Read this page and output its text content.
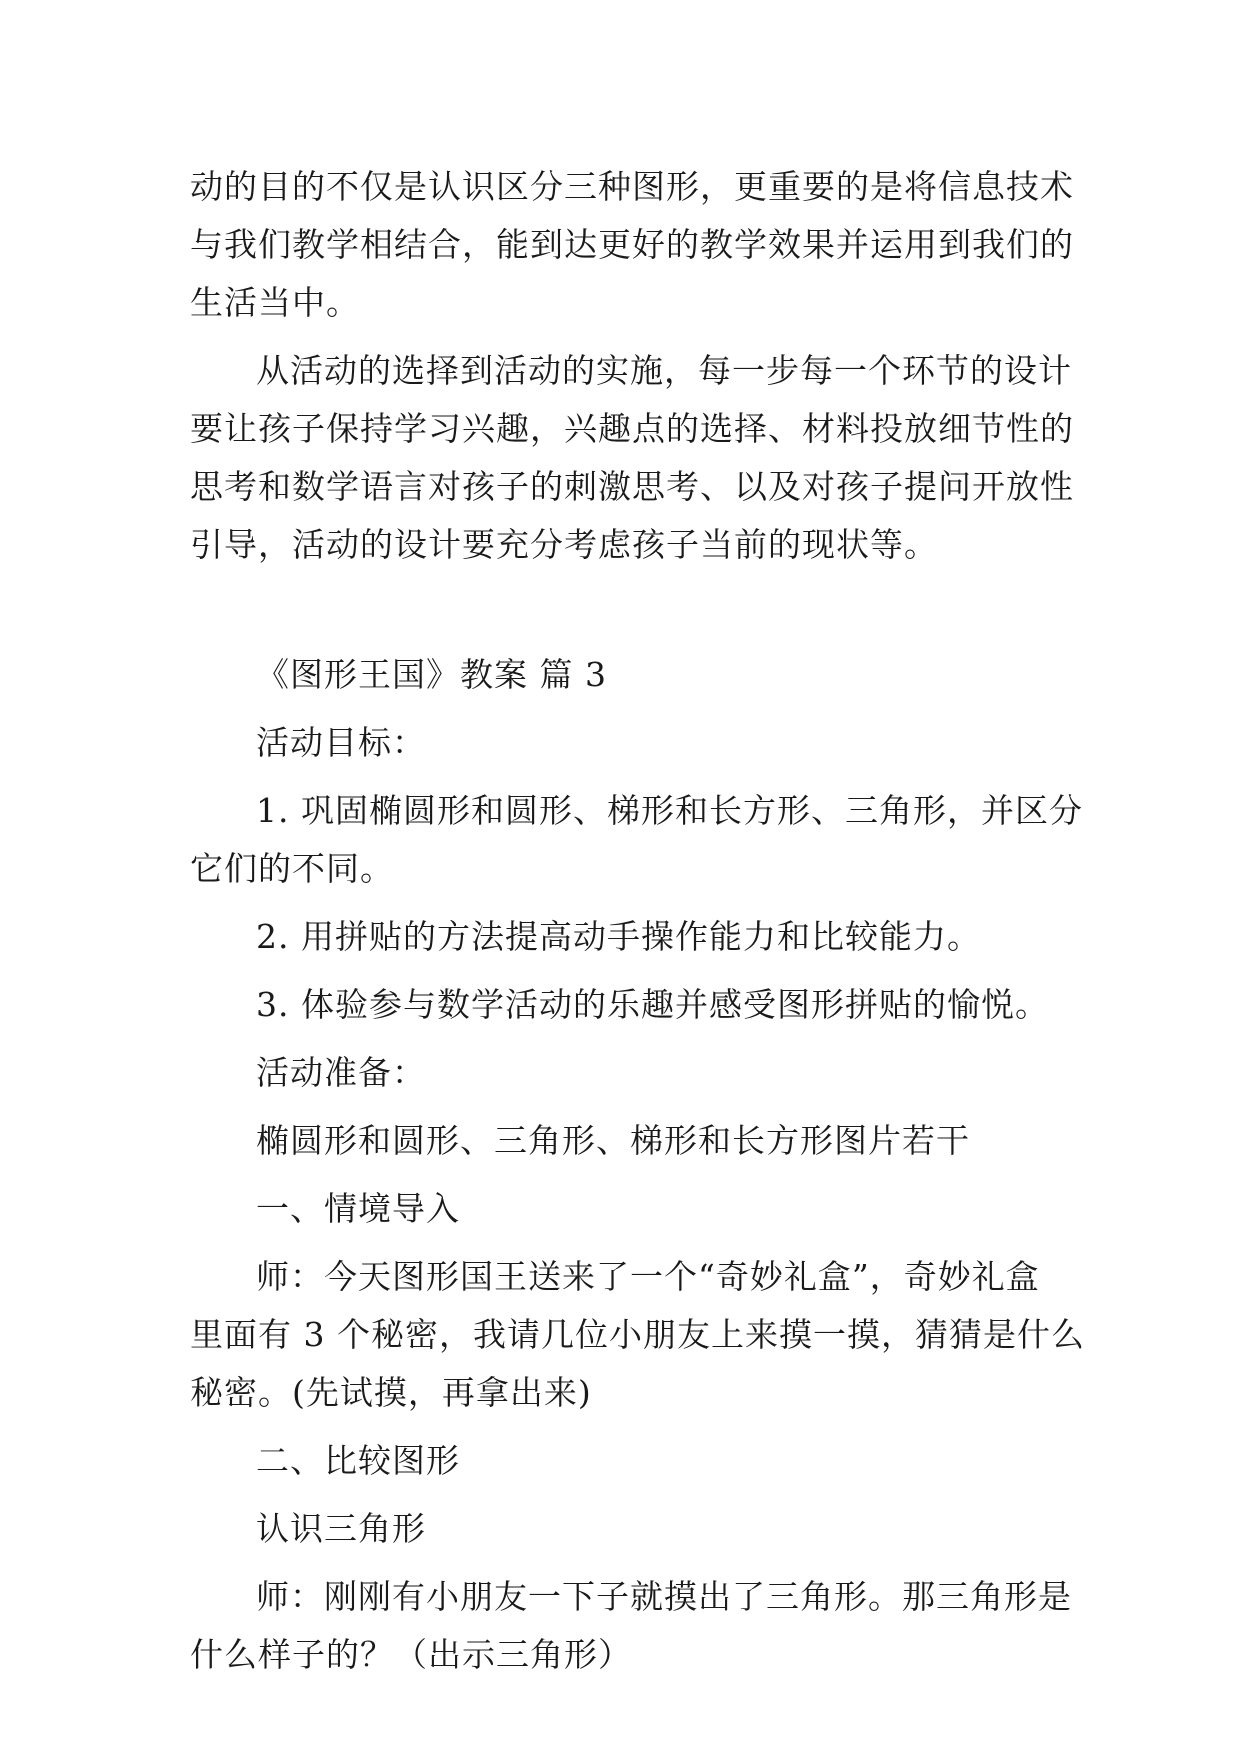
动的目的不仅是认识区分三种图形，更重要的是将信息技术
与我们教学相结合，能到达更好的教学效果并运用到我们的
生活当中。
从活动的选择到活动的实施，每一步每一个环节的设计
要让孩子保持学习兴趣，兴趣点的选择、材料投放细节性的
思考和数学语言对孩子的刺激思考、以及对孩子提问开放性
引导，活动的设计要充分考虑孩子当前的现状等。
《图形王国》教案 篇 3
活动目标：
1. 巩固椭圆形和圆形、梯形和长方形、三角形，并区分
它们的不同。
2. 用拼贴的方法提高动手操作能力和比较能力。
3. 体验参与数学活动的乐趣并感受图形拼贴的愉悦。
活动准备：
椭圆形和圆形、三角形、梯形和长方形图片若干
一、情境导入
师：今天图形国王送来了一个“奇妙礼盒”，奇妙礼盒
里面有 3 个秘密，我请几位小朋友上来摸一摸，猜猜是什么
秘密。(先试摸，再拿出来)
二、比较图形
认识三角形
师：刚刚有小朋友一下子就摸出了三角形。那三角形是
什么样子的？（出示三角形）
